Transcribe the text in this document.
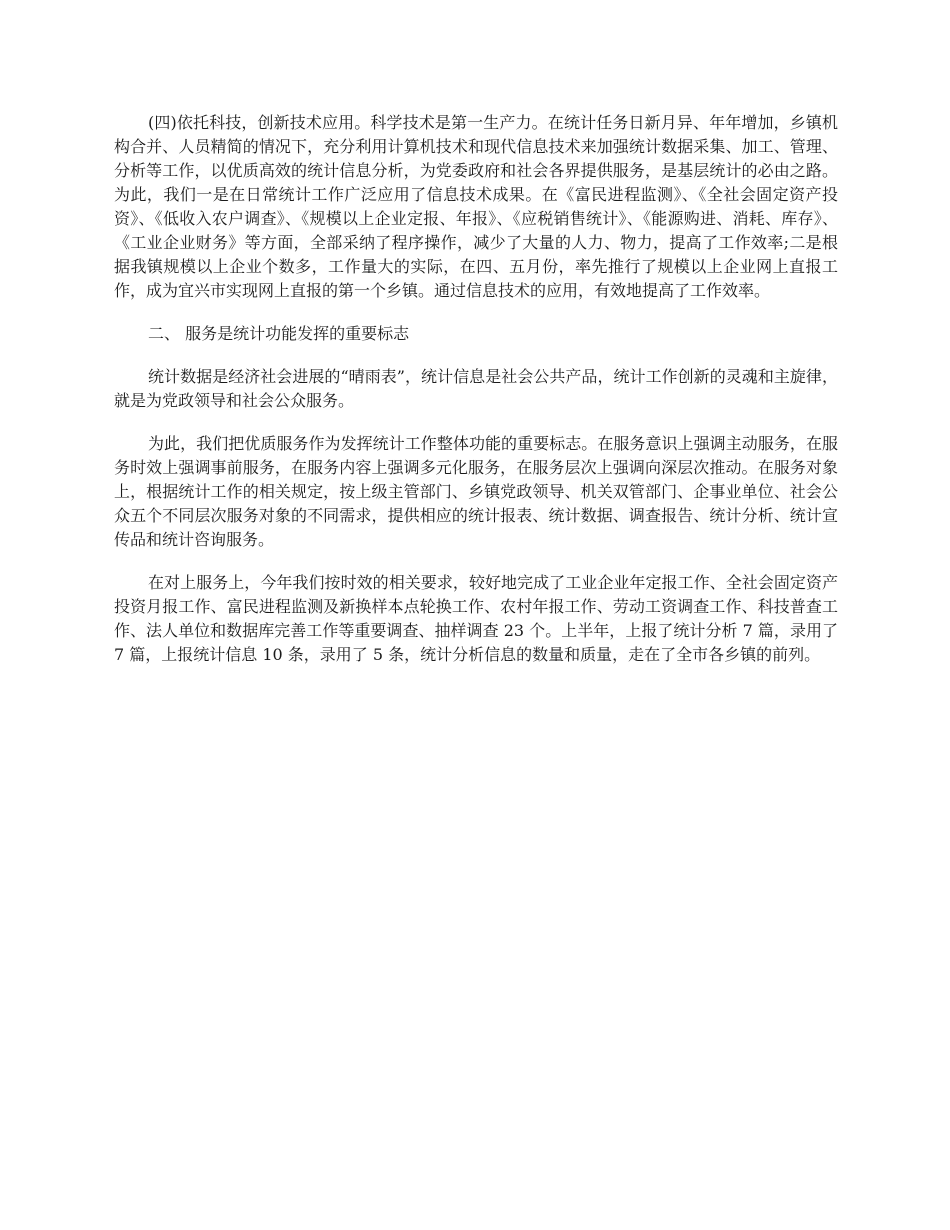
(四)依托科技，创新技术应用。科学技术是第一生产力。在统计任务日新月异、年年增加，乡镇机构合并、人员精简的情况下，充分利用计算机技术和现代信息技术来加强统计数据采集、加工、管理、分析等工作，以优质高效的统计信息分析，为党委政府和社会各界提供服务，是基层统计的必由之路。为此，我们一是在日常统计工作广泛应用了信息技术成果。在《富民进程监测》、《全社会固定资产投资》、《低收入农户调查》、《规模以上企业定报、年报》、《应税销售统计》、《能源购进、消耗、库存》、《工业企业财务》等方面，全部采纳了程序操作，减少了大量的人力、物力，提高了工作效率;二是根据我镇规模以上企业个数多，工作量大的实际，在四、五月份，率先推行了规模以上企业网上直报工作，成为宜兴市实现网上直报的第一个乡镇。通过信息技术的应用，有效地提高了工作效率。

二、 服务是统计功能发挥的重要标志

统计数据是经济社会进展的“晴雨表”，统计信息是社会公共产品，统计工作创新的灵魂和主旋律，就是为党政领导和社会公众服务。

为此，我们把优质服务作为发挥统计工作整体功能的重要标志。在服务意识上强调主动服务，在服务时效上强调事前服务，在服务内容上强调多元化服务，在服务层次上强调向深层次推动。在服务对象上，根据统计工作的相关规定，按上级主管部门、乡镇党政领导、机关双管部门、企事业单位、社会公众五个不同层次服务对象的不同需求，提供相应的统计报表、统计数据、调查报告、统计分析、统计宣传品和统计咨询服务。

在对上服务上，今年我们按时效的相关要求，较好地完成了工业企业年定报工作、全社会固定资产投资月报工作、富民进程监测及新换样本点轮换工作、农村年报工作、劳动工资调查工作、科技普查工作、法人单位和数据库完善工作等重要调查、抽样调查 23 个。上半年，上报了统计分析 7 篇，录用了 7 篇，上报统计信息 10 条，录用了 5 条，统计分析信息的数量和质量，走在了全市各乡镇的前列。
